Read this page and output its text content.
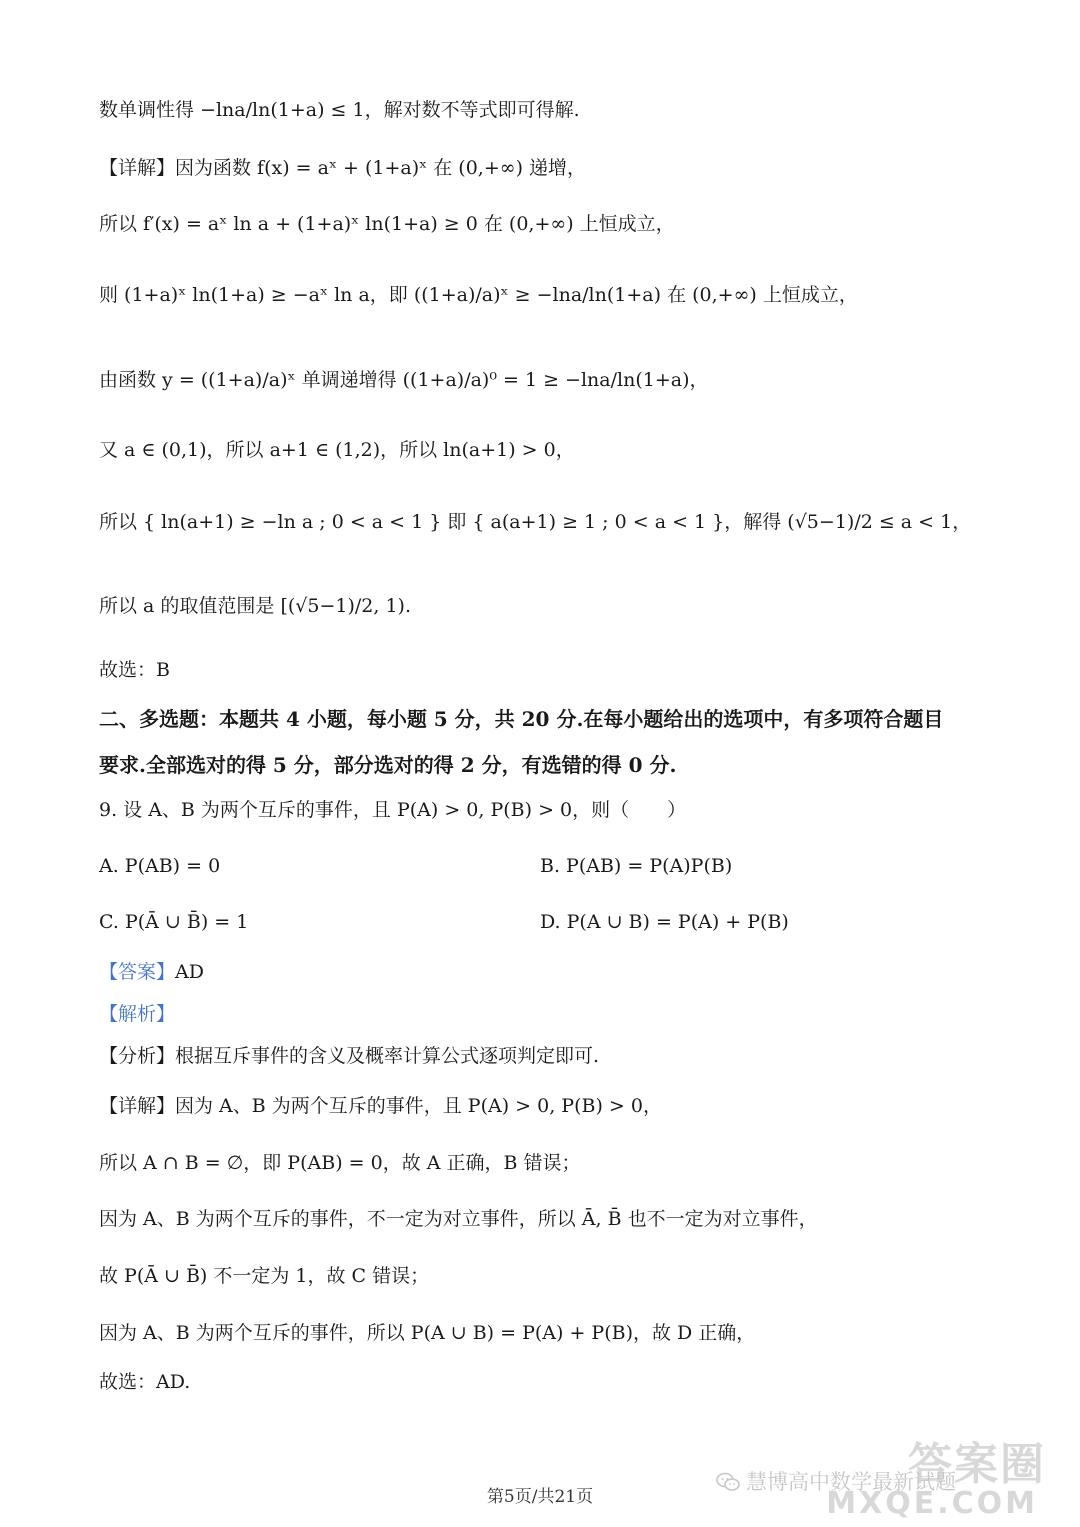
数单调性得 −lna/ln(1+a) ≤ 1，解对数不等式即可得解.
【详解】因为函数 f(x) = aˣ + (1+a)ˣ 在 (0,+∞) 递增，
所以 f′(x) = aˣ ln a + (1+a)ˣ ln(1+a) ≥ 0 在 (0,+∞) 上恒成立，
则 (1+a)ˣ ln(1+a) ≥ −aˣ ln a，即 ((1+a)/a)ˣ ≥ −lna/ln(1+a) 在 (0,+∞) 上恒成立，
由函数 y = ((1+a)/a)ˣ 单调递增得 ((1+a)/a)⁰ = 1 ≥ −lna/ln(1+a)，
又 a ∈ (0,1)，所以 a+1 ∈ (1,2)，所以 ln(a+1) > 0，
所以 { ln(a+1) ≥ −ln a ; 0 < a < 1 } 即 { a(a+1) ≥ 1 ; 0 < a < 1 }，解得 (√5−1)/2 ≤ a < 1，
所以 a 的取值范围是 [(√5−1)/2, 1).
故选：B
二、多选题：本题共 4 小题，每小题 5 分，共 20 分.在每小题给出的选项中，有多项符合题目
要求.全部选对的得 5 分，部分选对的得 2 分，有选错的得 0 分.
9. 设 A、B 为两个互斥的事件，且 P(A) > 0, P(B) > 0，则（　　）
A. P(AB) = 0	B. P(AB) = P(A)P(B)
C. P(Ā ∪ B̄) = 1	D. P(A ∪ B) = P(A) + P(B)
【答案】AD
【解析】
【分析】根据互斥事件的含义及概率计算公式逐项判定即可.
【详解】因为 A、B 为两个互斥的事件，且 P(A) > 0, P(B) > 0，
所以 A ∩ B = ∅，即 P(AB) = 0，故 A 正确，B 错误；
因为 A、B 为两个互斥的事件，不一定为对立事件，所以 Ā, B̄ 也不一定为对立事件，
故 P(Ā ∪ B̄) 不一定为 1，故 C 错误；
因为 A、B 为两个互斥的事件，所以 P(A ∪ B) = P(A) + P(B)，故 D 正确，
故选：AD.
第5页/共21页
答案圈
MXQE.COM
慧博高中数学最新试题
